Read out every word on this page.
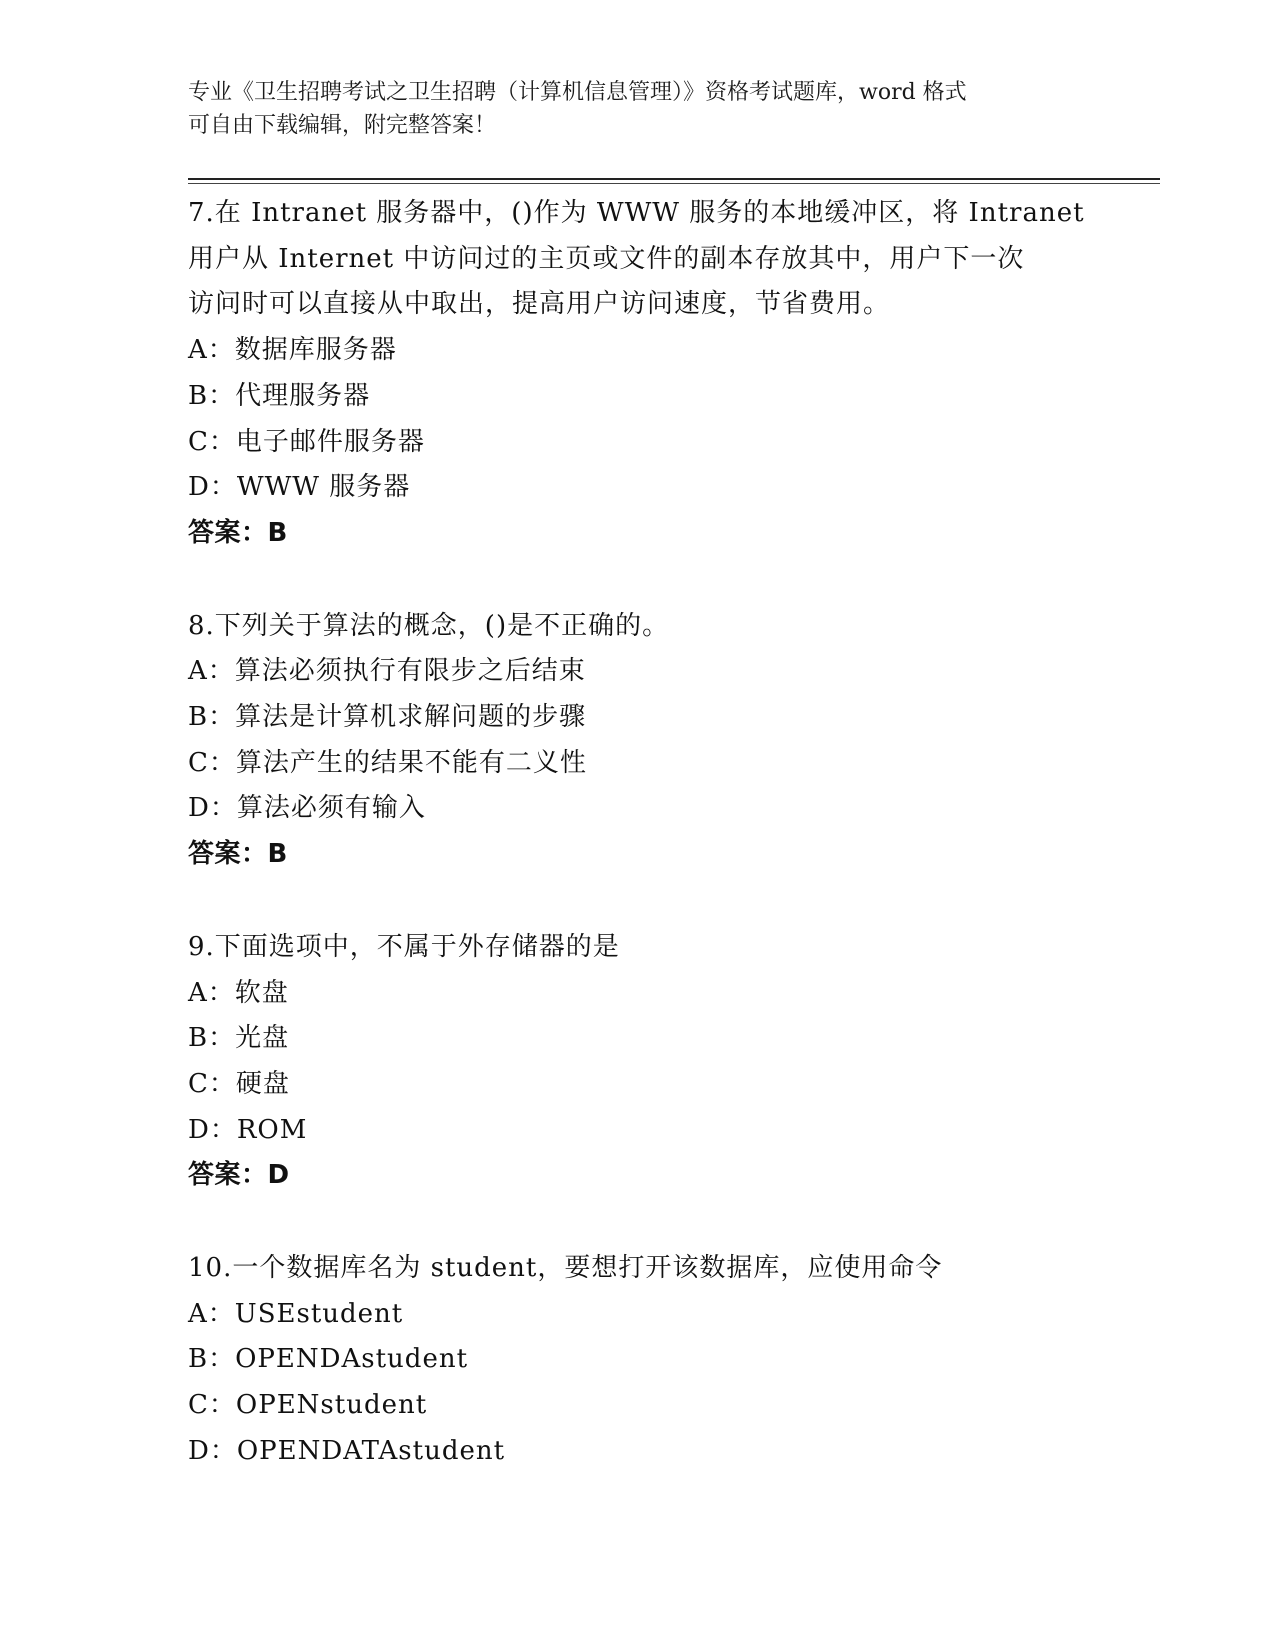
专业《卫生招聘考试之卫生招聘（计算机信息管理）》资格考试题库，word 格式
可自由下载编辑，附完整答案！
7.在 Intranet 服务器中，()作为 WWW 服务的本地缓冲区，将 Intranet
用户从 Internet 中访问过的主页或文件的副本存放其中，用户下一次
访问时可以直接从中取出，提高用户访问速度，节省费用。
A：数据库服务器
B：代理服务器
C：电子邮件服务器
D：WWW 服务器
答案：B
8.下列关于算法的概念，()是不正确的。
A：算法必须执行有限步之后结束
B：算法是计算机求解问题的步骤
C：算法产生的结果不能有二义性
D：算法必须有输入
答案：B
9.下面选项中，不属于外存储器的是
A：软盘
B：光盘
C：硬盘
D：ROM
答案：D
10.一个数据库名为 student，要想打开该数据库，应使用命令
A：USEstudent
B：OPENDAstudent
C：OPENstudent
D：OPENDATAstudent
